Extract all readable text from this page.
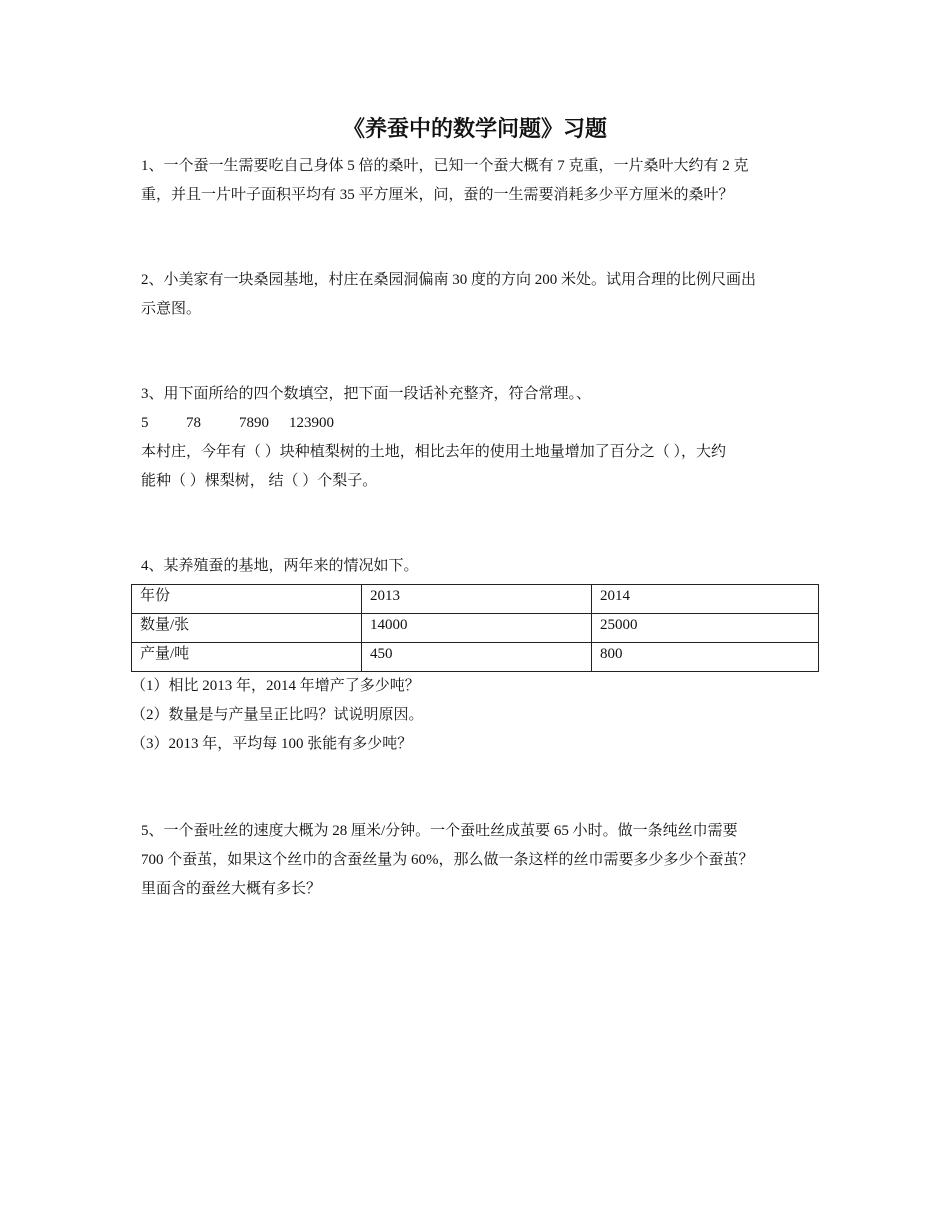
《养蚕中的数学问题》习题
1、一个蚕一生需要吃自己身体 5 倍的桑叶，已知一个蚕大概有 7 克重，一片桑叶大约有 2 克
重，并且一片叶子面积平均有 35 平方厘米，问，蚕的一生需要消耗多少平方厘米的桑叶？
2、小美家有一块桑园基地，村庄在桑园洞偏南 30 度的方向 200 米处。试用合理的比例尺画出
示意图。
3、用下面所给的四个数填空，把下面一段话补充整齐，符合常理。、
5	78	7890 123900
本村庄，今年有（ ）块种植梨树的土地，相比去年的使用土地量增加了百分之（ ），大约
能种（ ）棵梨树， 结（ ）个梨子。
4、某养殖蚕的基地，两年来的情况如下。
年份	2013	2014
数量/张	14000	25000
产量/吨	450	800
（1）相比 2013 年，2014 年增产了多少吨？
（2）数量是与产量呈正比吗？试说明原因。
（3）2013 年，平均每 100 张能有多少吨？
5、一个蚕吐丝的速度大概为 28 厘米/分钟。一个蚕吐丝成茧要 65 小时。做一条纯丝巾需要
700 个蚕茧，如果这个丝巾的含蚕丝量为 60%，那么做一条这样的丝巾需要多少多少个蚕茧？
里面含的蚕丝大概有多长？
